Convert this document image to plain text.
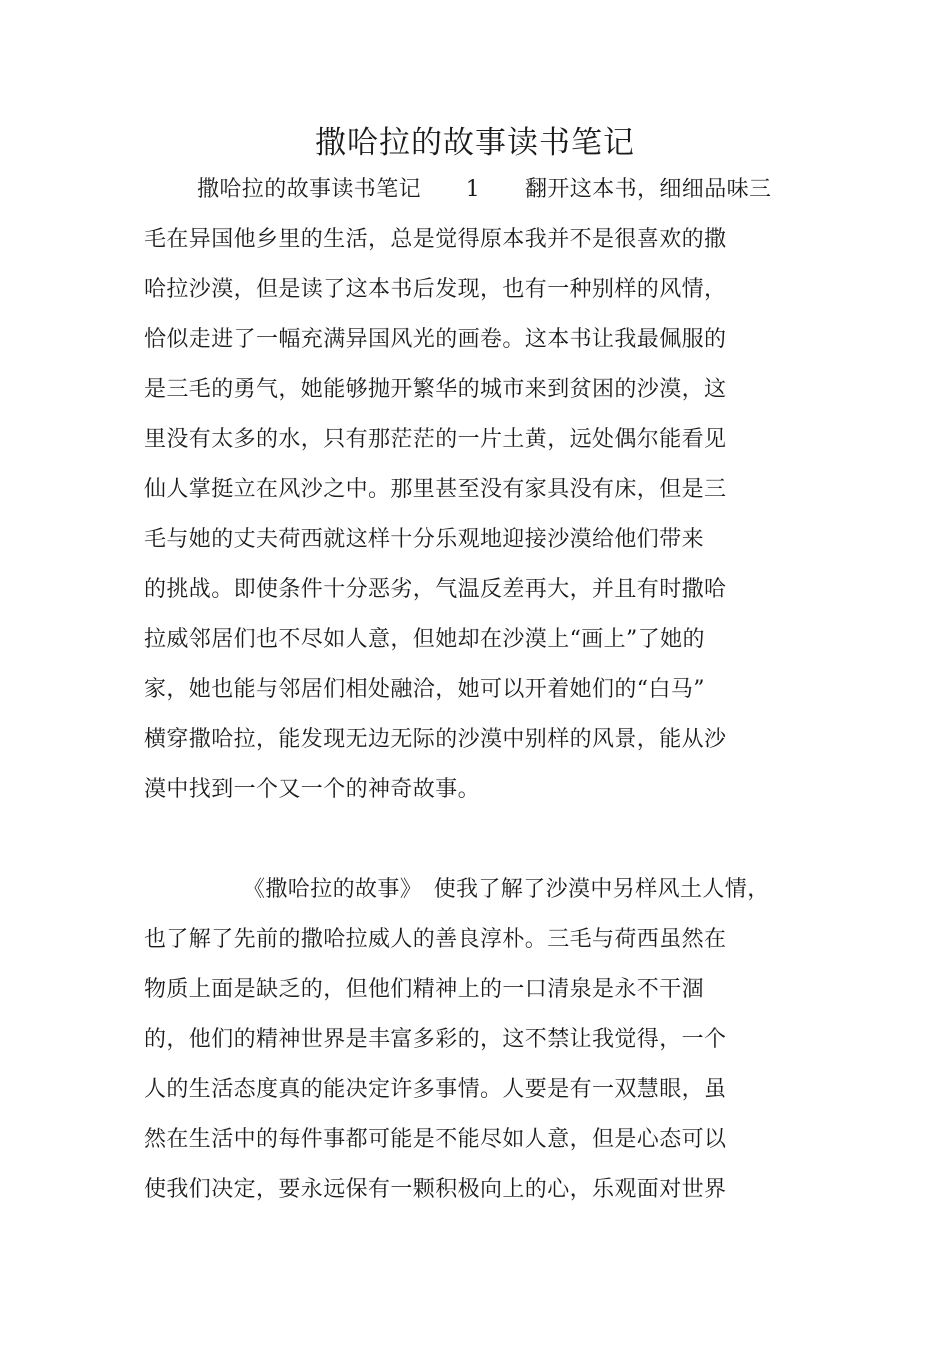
撒哈拉的故事读书笔记
撒哈拉的故事读书笔记　　1　　翻开这本书，细细品味三
毛在异国他乡里的生活，总是觉得原本我并不是很喜欢的撒
哈拉沙漠，但是读了这本书后发现，也有一种别样的风情，
恰似走进了一幅充满异国风光的画卷。这本书让我最佩服的
是三毛的勇气，她能够抛开繁华的城市来到贫困的沙漠，这
里没有太多的水，只有那茫茫的一片土黄，远处偶尔能看见
仙人掌挺立在风沙之中。那里甚至没有家具没有床，但是三
毛与她的丈夫荷西就这样十分乐观地迎接沙漠给他们带来
的挑战。即使条件十分恶劣，气温反差再大，并且有时撒哈
拉威邻居们也不尽如人意，但她却在沙漠上“画上”了她的
家，她也能与邻居们相处融洽，她可以开着她们的“白马”
横穿撒哈拉，能发现无边无际的沙漠中别样的风景，能从沙
漠中找到一个又一个的神奇故事。
《撒哈拉的故事》　使我了解了沙漠中另样风土人情，
也了解了先前的撒哈拉威人的善良淳朴。三毛与荷西虽然在
物质上面是缺乏的，但他们精神上的一口清泉是永不干涸
的，他们的精神世界是丰富多彩的，这不禁让我觉得，一个
人的生活态度真的能决定许多事情。人要是有一双慧眼，虽
然在生活中的每件事都可能是不能尽如人意，但是心态可以
使我们决定，要永远保有一颗积极向上的心，乐观面对世界
